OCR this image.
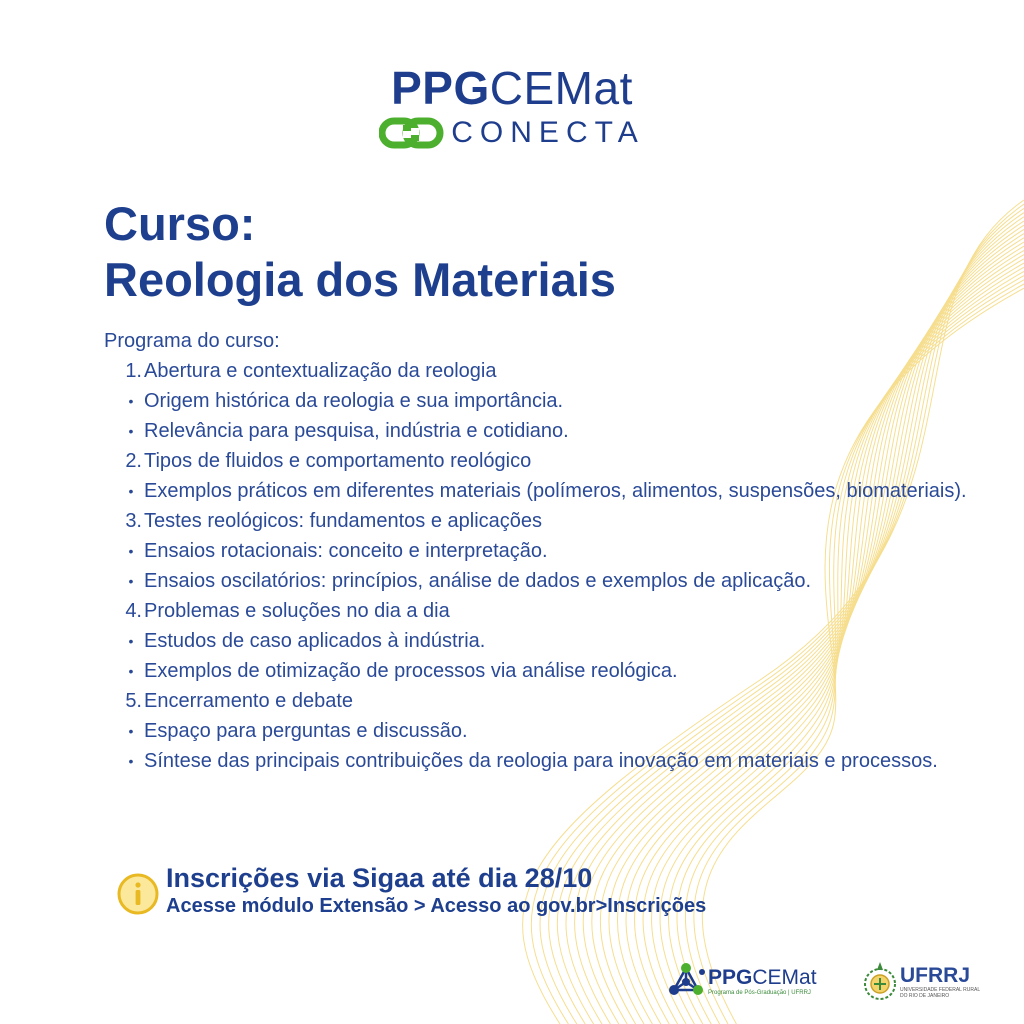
PPGCEMat
CONECTA
Curso:
Reologia dos Materiais

Programa do curso:

1. Abertura e contextualização da reologia
• Origem histórica da reologia e sua importância.
• Relevância para pesquisa, indústria e cotidiano.
2. Tipos de fluidos e comportamento reológico
• Exemplos práticos em diferentes materiais (polímeros, alimentos, suspensões, biomateriais).
3. Testes reológicos: fundamentos e aplicações
• Ensaios rotacionais: conceito e interpretação.
• Ensaios oscilatórios: princípios, análise de dados e exemplos de aplicação.
4. Problemas e soluções no dia a dia
• Estudos de caso aplicados à indústria.
• Exemplos de otimização de processos via análise reológica.
5. Encerramento e debate
• Espaço para perguntas e discussão.
• Síntese das principais contribuições da reologia para inovação em materiais e processos.
Inscrições via Sigaa até dia 28/10
Acesse módulo Extensão > Acesso ao gov.br>Inscrições
PPGCEMat
Programa de Pós-Graduação | UFRRJ
UFRRJ
UNIVERSIDADE FEDERAL RURAL DO RIO DE JANEIRO
